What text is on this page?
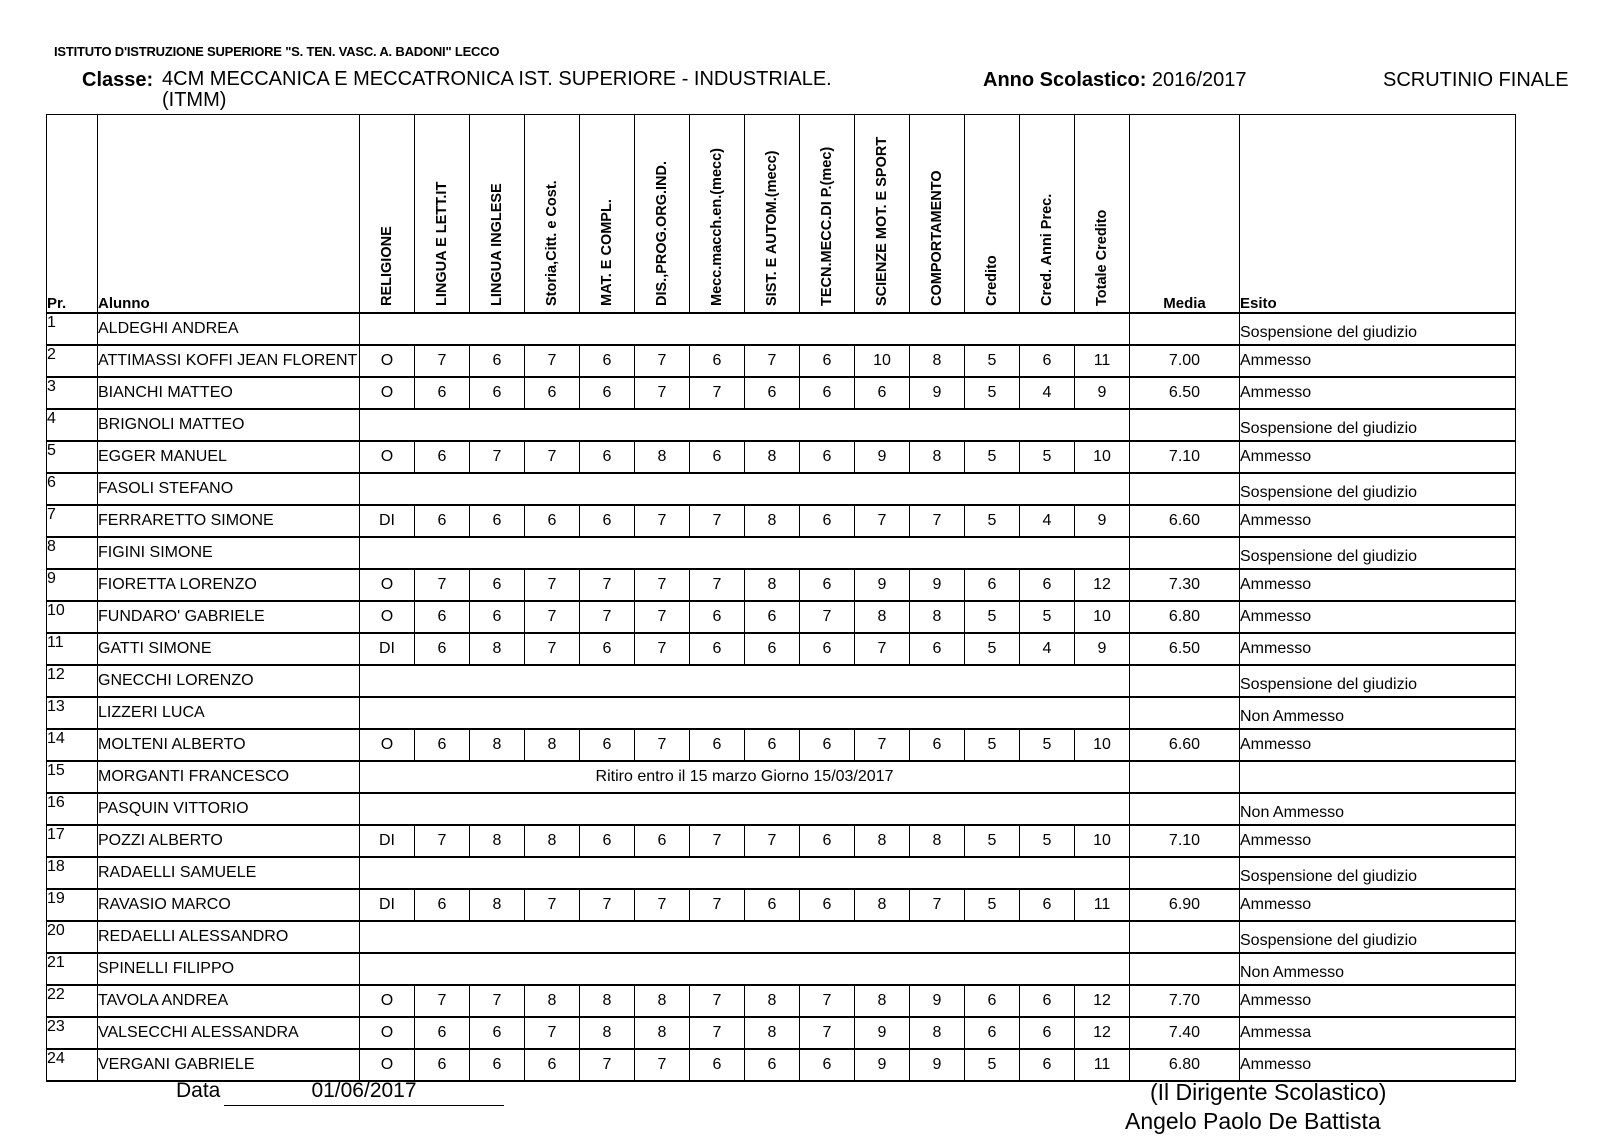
ISTITUTO D'ISTRUZIONE SUPERIORE "S. TEN. VASC. A. BADONI" LECCO
Classe: 4CM MECCANICA E MECCATRONICA IST. SUPERIORE - INDUSTRIALE. (ITMM)
Anno Scolastico: 2016/2017	SCRUTINIO FINALE
Pr.	Alunno	RELIGIONE	LINGUA E LETT.IT	LINGUA INGLESE	Storia,Citt. e Cost.	MAT. E COMPL.	DIS.,PROG.ORG.IND.	Mecc.macch.en.(mecc)	SIST. E AUTOM.(mecc)	TECN.MECC.DI P.(mec)	SCIENZE MOT. E SPORT	COMPORTAMENTO	Credito	Cred. Anni Prec.	Totale Credito	Media	Esito
1	ALDEGHI ANDREA																Sospensione del giudizio
2	ATTIMASSI KOFFI JEAN FLORENT	O	7	6	7	6	7	6	7	6	10	8	5	6	11	7.00	Ammesso
3	BIANCHI MATTEO	O	6	6	6	6	7	7	6	6	6	9	5	4	9	6.50	Ammesso
4	BRIGNOLI MATTEO																Sospensione del giudizio
5	EGGER MANUEL	O	6	7	7	6	8	6	8	6	9	8	5	5	10	7.10	Ammesso
6	FASOLI STEFANO																Sospensione del giudizio
7	FERRARETTO SIMONE	DI	6	6	6	6	7	7	8	6	7	7	5	4	9	6.60	Ammesso
8	FIGINI SIMONE																Sospensione del giudizio
9	FIORETTA LORENZO	O	7	6	7	7	7	7	8	6	9	9	6	6	12	7.30	Ammesso
10	FUNDARO' GABRIELE	O	6	6	7	7	7	6	6	7	8	8	5	5	10	6.80	Ammesso
11	GATTI SIMONE	DI	6	8	7	6	7	6	6	6	7	6	5	4	9	6.50	Ammesso
12	GNECCHI LORENZO																Sospensione del giudizio
13	LIZZERI LUCA																Non Ammesso
14	MOLTENI ALBERTO	O	6	8	8	6	7	6	6	6	7	6	5	5	10	6.60	Ammesso
15	MORGANTI FRANCESCO	Ritiro entro il 15 marzo Giorno 15/03/2017															
16	PASQUIN VITTORIO																Non Ammesso
17	POZZI ALBERTO	DI	7	8	8	6	6	7	7	6	8	8	5	5	10	7.10	Ammesso
18	RADAELLI SAMUELE																Sospensione del giudizio
19	RAVASIO MARCO	DI	6	8	7	7	7	7	6	6	8	7	5	6	11	6.90	Ammesso
20	REDAELLI ALESSANDRO																Sospensione del giudizio
21	SPINELLI FILIPPO																Non Ammesso
22	TAVOLA ANDREA	O	7	7	8	8	8	7	8	7	8	9	6	6	12	7.70	Ammesso
23	VALSECCHI ALESSANDRA	O	6	6	7	8	8	7	8	7	9	8	6	6	12	7.40	Ammessa
24	VERGANI GABRIELE	O	6	6	6	7	7	6	6	6	9	9	5	6	11	6.80	Ammesso
Data	01/06/2017	(Il Dirigente Scolastico)
Angelo Paolo De Battista
